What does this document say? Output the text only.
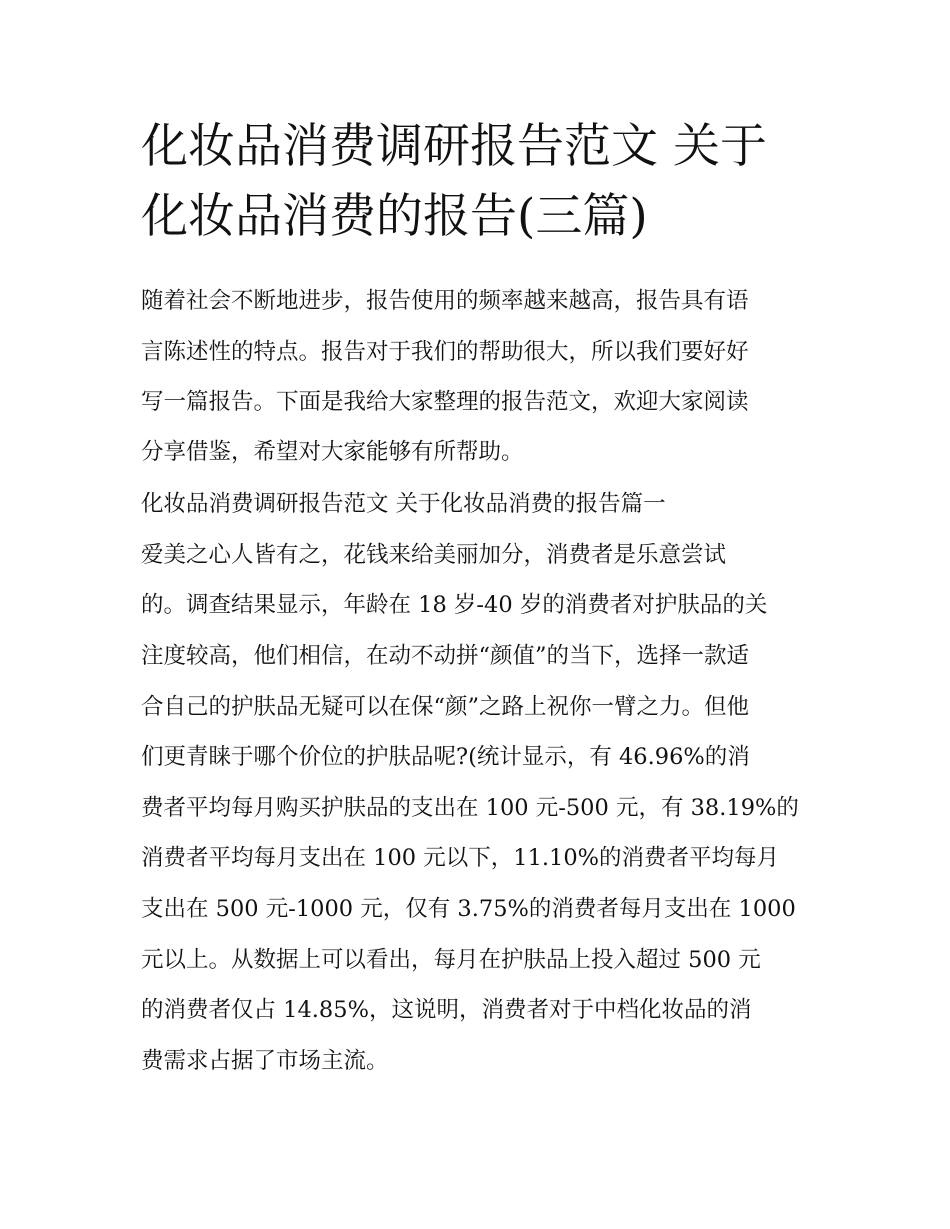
化妆品消费调研报告范文 关于
化妆品消费的报告(三篇)

随着社会不断地进步，报告使用的频率越来越高，报告具有语

言陈述性的特点。报告对于我们的帮助很大，所以我们要好好

写一篇报告。下面是我给大家整理的报告范文，欢迎大家阅读

分享借鉴，希望对大家能够有所帮助。

化妆品消费调研报告范文 关于化妆品消费的报告篇一

爱美之心人皆有之，花钱来给美丽加分，消费者是乐意尝试

的。调查结果显示，年龄在 18 岁-40 岁的消费者对护肤品的关

注度较高，他们相信，在动不动拼“颜值”的当下，选择一款适

合自己的护肤品无疑可以在保“颜”之路上祝你一臂之力。但他

们更青睐于哪个价位的护肤品呢?(统计显示，有 46.96%的消

费者平均每月购买护肤品的支出在 100 元-500 元，有 38.19%的

消费者平均每月支出在 100 元以下，11.10%的消费者平均每月

支出在 500 元-1000 元，仅有 3.75%的消费者每月支出在 1000

元以上。从数据上可以看出，每月在护肤品上投入超过 500 元

的消费者仅占 14.85%，这说明，消费者对于中档化妆品的消

费需求占据了市场主流。
